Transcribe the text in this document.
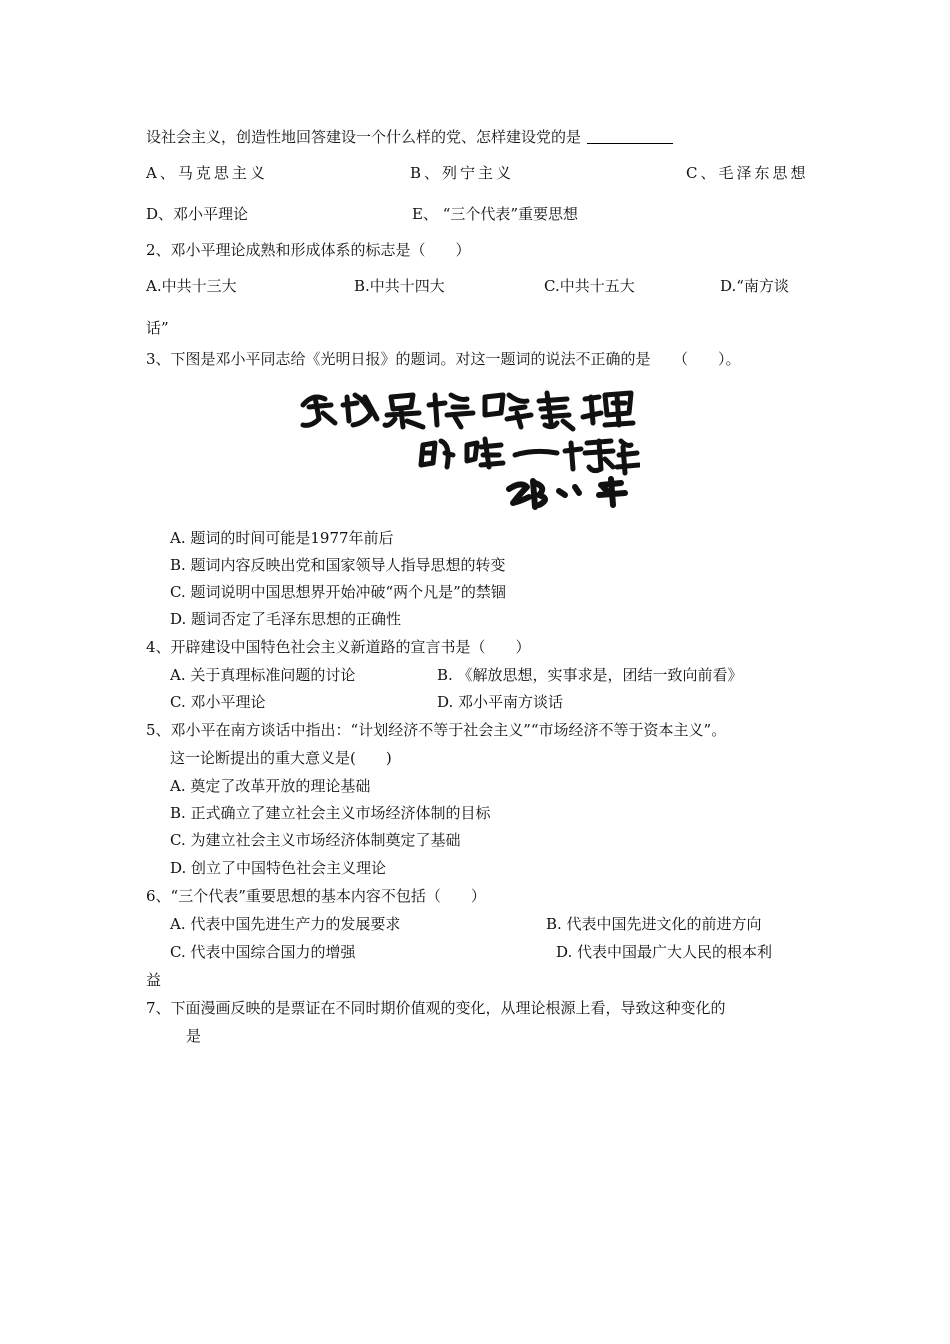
设社会主义，创造性地回答建设一个什么样的党、怎样建设党的是
A、马克思主义	B、列宁主义	C、毛泽东思想
D、邓小平理论	E、 “三个代表”重要思想
2、邓小平理论成熟和形成体系的标志是（　　）
A.中共十三大	B.中共十四大	C.中共十五大	D.“南方谈
话”
3、下图是邓小平同志给《光明日报》的题词。对这一题词的说法不正确的是　　（　　）。
A. 题词的时间可能是1977年前后
B. 题词内容反映出党和国家领导人指导思想的转变
C. 题词说明中国思想界开始冲破“两个凡是”的禁锢
D. 题词否定了毛泽东思想的正确性
4、开辟建设中国特色社会主义新道路的宣言书是（　　）
A. 关于真理标准问题的讨论	B. 《解放思想，实事求是，团结一致向前看》
C. 邓小平理论	D. 邓小平南方谈话
5、邓小平在南方谈话中指出：“计划经济不等于社会主义”“市场经济不等于资本主义”。
这一论断提出的重大意义是(　　)
A. 奠定了改革开放的理论基础
B. 正式确立了建立社会主义市场经济体制的目标
C. 为建立社会主义市场经济体制奠定了基础
D. 创立了中国特色社会主义理论
6、“三个代表”重要思想的基本内容不包括（　　）
A. 代表中国先进生产力的发展要求	B. 代表中国先进文化的前进方向
C. 代表中国综合国力的增强	D. 代表中国最广大人民的根本利
益
7、下面漫画反映的是票证在不同时期价值观的变化，从理论根源上看，导致这种变化的
是
